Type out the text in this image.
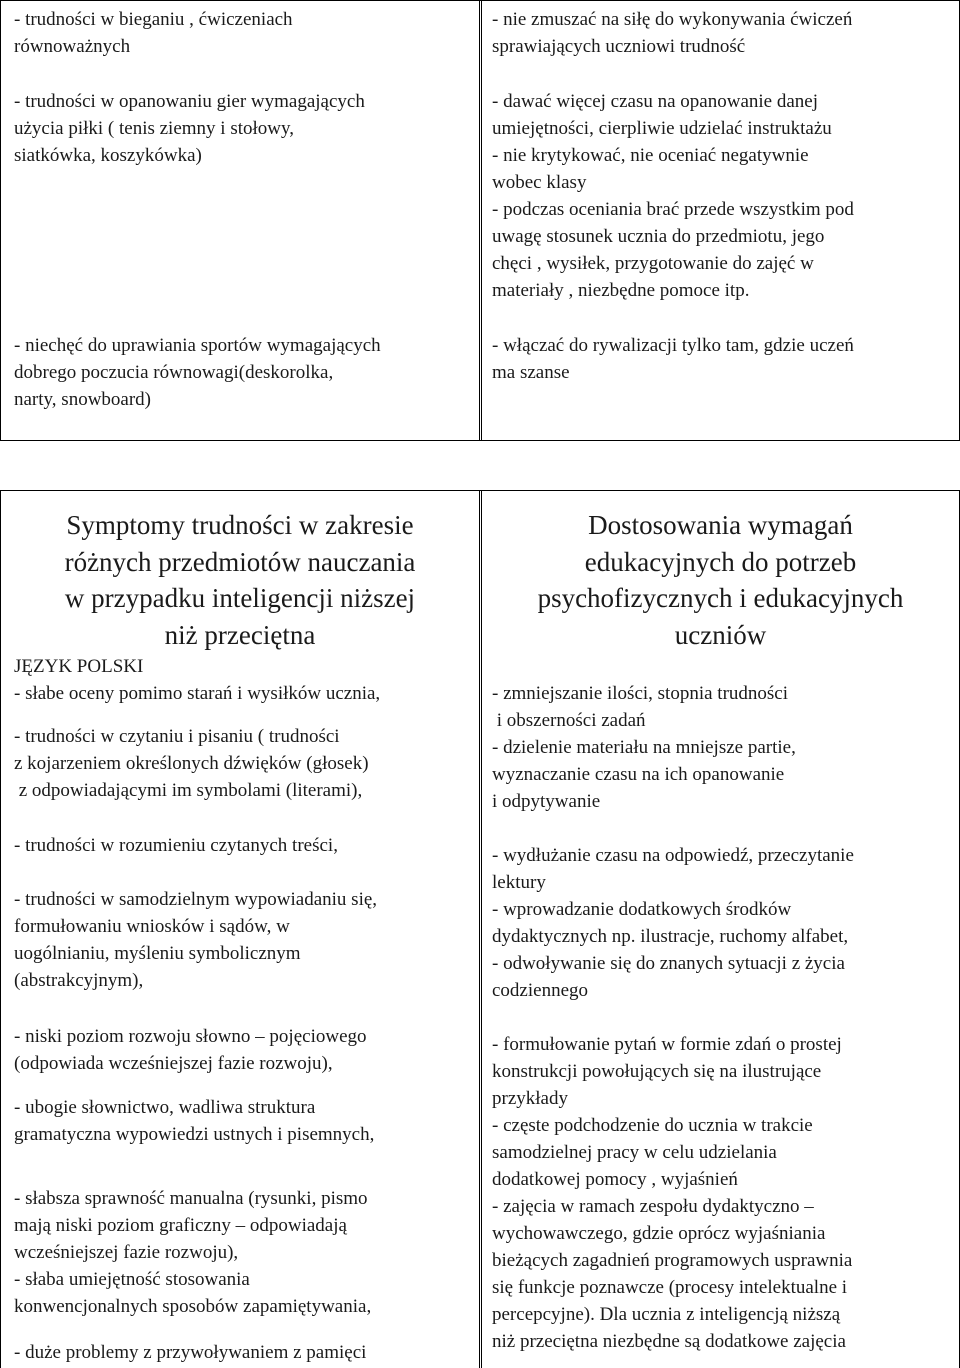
- trudności w bieganiu , ćwiczeniach
równoważnych
- trudności w opanowaniu gier wymagających
użycia piłki ( tenis ziemny i stołowy,
siatkówka, koszykówka)
- niechęć do uprawiania sportów wymagających
dobrego poczucia równowagi(deskorolka,
narty, snowboard)
- nie zmuszać na siłę do wykonywania ćwiczeń
sprawiających uczniowi trudność
- dawać więcej czasu na opanowanie danej
umiejętności, cierpliwie udzielać instruktażu
- nie krytykować, nie oceniać negatywnie
wobec klasy
- podczas oceniania brać przede wszystkim pod
uwagę stosunek ucznia do przedmiotu, jego
chęci , wysiłek, przygotowanie do zajęć w
materiały , niezbędne pomoce itp.
- włączać do rywalizacji tylko tam, gdzie uczeń
ma szanse
Symptomy trudności w zakresie
różnych przedmiotów nauczania
w przypadku inteligencji niższej
niż przeciętna
Dostosowania wymagań
edukacyjnych do potrzeb
psychofizycznych i edukacyjnych
uczniów
JĘZYK POLSKI
- słabe oceny pomimo starań i wysiłków ucznia,
- trudności w czytaniu i pisaniu ( trudności
z kojarzeniem określonych dźwięków (głosek)
z odpowiadającymi im symbolami (literami),
- trudności w rozumieniu czytanych treści,
- trudności w samodzielnym wypowiadaniu się,
formułowaniu wniosków i sądów, w
uogólnianiu, myśleniu symbolicznym
(abstrakcyjnym),
- niski poziom rozwoju słowno – pojęciowego
(odpowiada wcześniejszej fazie rozwoju),
- ubogie słownictwo, wadliwa struktura
gramatyczna wypowiedzi ustnych i pisemnych,
- słabsza sprawność manualna (rysunki, pismo
mają niski poziom graficzny – odpowiadają
wcześniejszej fazie rozwoju),
- słaba umiejętność stosowania
konwencjonalnych sposobów zapamiętywania,
- duże problemy z przywoływaniem z pamięci
- zmniejszanie ilości, stopnia trudności
i obszerności zadań
- dzielenie materiału na mniejsze partie,
wyznaczanie czasu na ich opanowanie
i odpytywanie
- wydłużanie czasu na odpowiedź, przeczytanie
lektury
- wprowadzanie dodatkowych środków
dydaktycznych np. ilustracje, ruchomy alfabet,
- odwoływanie się do znanych sytuacji z życia
codziennego
- formułowanie pytań w formie zdań o prostej
konstrukcji powołujących się na ilustrujące
przykłady
- częste podchodzenie do ucznia w trakcie
samodzielnej pracy w celu udzielania
dodatkowej pomocy , wyjaśnień
- zajęcia w ramach zespołu dydaktyczno –
wychowawczego, gdzie oprócz wyjaśniania
bieżących zagadnień programowych usprawnia
się funkcje poznawcze (procesy intelektualne i
percepcyjne). Dla ucznia z inteligencją niższą
niż przeciętna niezbędne są dodatkowe zajęcia
